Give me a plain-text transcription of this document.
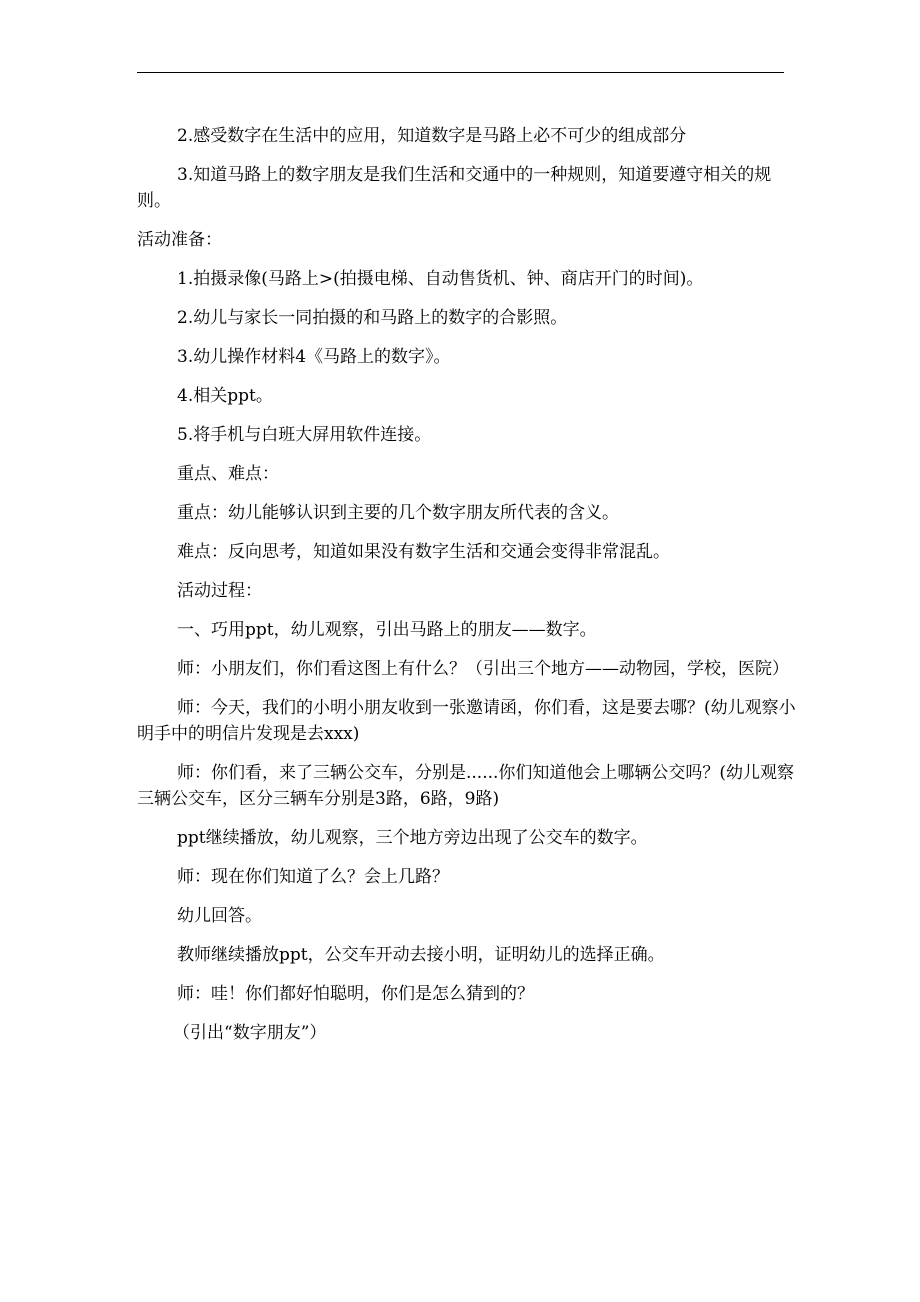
2.感受数字在生活中的应用，知道数字是马路上必不可少的组成部分

3.知道马路上的数字朋友是我们生活和交通中的一种规则，知道要遵守相关的规则。

活动准备：

1.拍摄录像(马路上>(拍摄电梯、自动售货机、钟、商店开门的时间)。

2.幼儿与家长一同拍摄的和马路上的数字的合影照。

3.幼儿操作材料4《马路上的数字》。

4.相关ppt。

5.将手机与白班大屏用软件连接。

重点、难点：

重点：幼儿能够认识到主要的几个数字朋友所代表的含义。

难点：反向思考，知道如果没有数字生活和交通会变得非常混乱。

活动过程：

一、巧用ppt，幼儿观察，引出马路上的朋友——数字。

师：小朋友们，你们看这图上有什么？（引出三个地方——动物园，学校，医院）

师：今天，我们的小明小朋友收到一张邀请函，你们看，这是要去哪？(幼儿观察小明手中的明信片发现是去xxx)

师：你们看，来了三辆公交车，分别是......你们知道他会上哪辆公交吗？(幼儿观察三辆公交车，区分三辆车分别是3路，6路，9路)

ppt继续播放，幼儿观察，三个地方旁边出现了公交车的数字。

师：现在你们知道了么？会上几路？

幼儿回答。

教师继续播放ppt，公交车开动去接小明，证明幼儿的选择正确。

师：哇！你们都好怕聪明，你们是怎么猜到的？

（引出“数字朋友”）
